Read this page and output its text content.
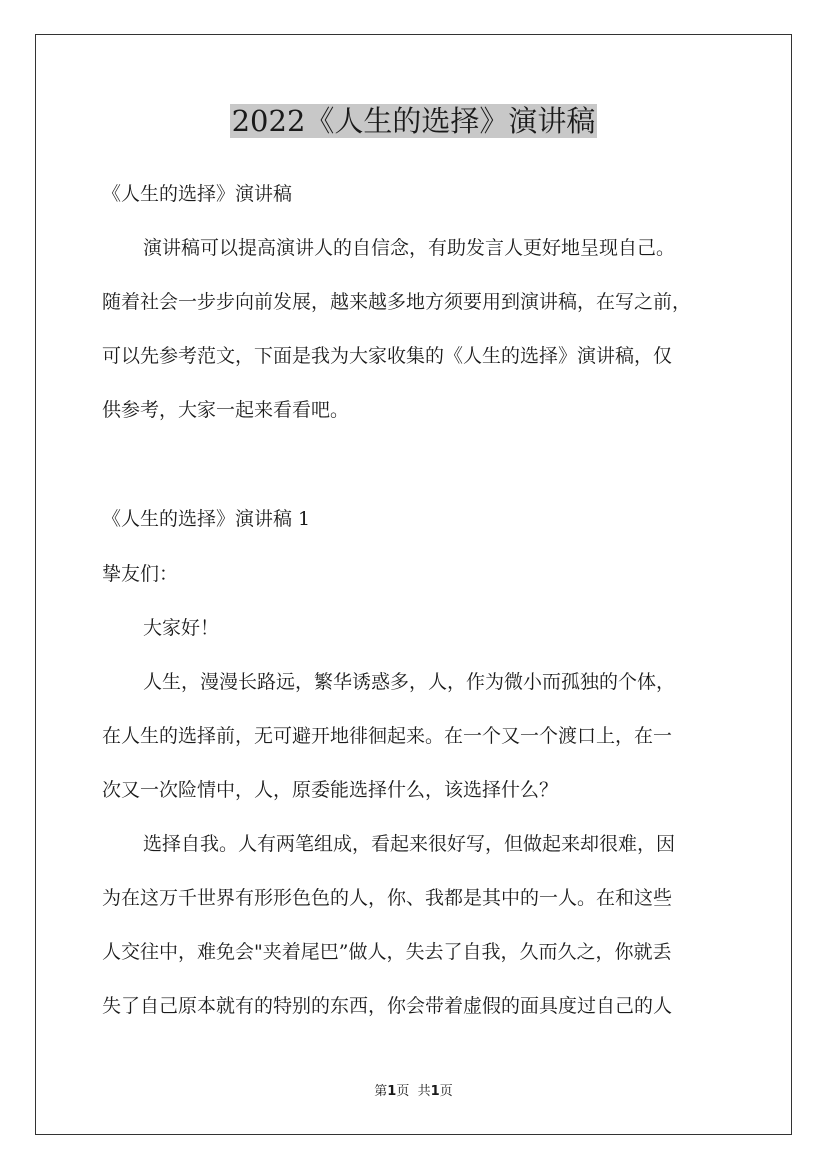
2022《人生的选择》演讲稿
《人生的选择》演讲稿
演讲稿可以提高演讲人的自信念，有助发言人更好地呈现自己。
随着社会一步步向前发展，越来越多地方须要用到演讲稿，在写之前，
可以先参考范文，下面是我为大家收集的《人生的选择》演讲稿，仅
供参考，大家一起来看看吧。
《人生的选择》演讲稿 1
挚友们：
大家好！
人生，漫漫长路远，繁华诱惑多，人，作为微小而孤独的个体，
在人生的选择前，无可避开地徘徊起来。在一个又一个渡口上，在一
次又一次险情中，人，原委能选择什么，该选择什么？
选择自我。人有两笔组成，看起来很好写，但做起来却很难，因
为在这万千世界有形形色色的人，你、我都是其中的一人。在和这些
人交往中，难免会"夹着尾巴”做人，失去了自我，久而久之，你就丢
失了自己原本就有的特别的东西，你会带着虚假的面具度过自己的人
第1页 共1页
